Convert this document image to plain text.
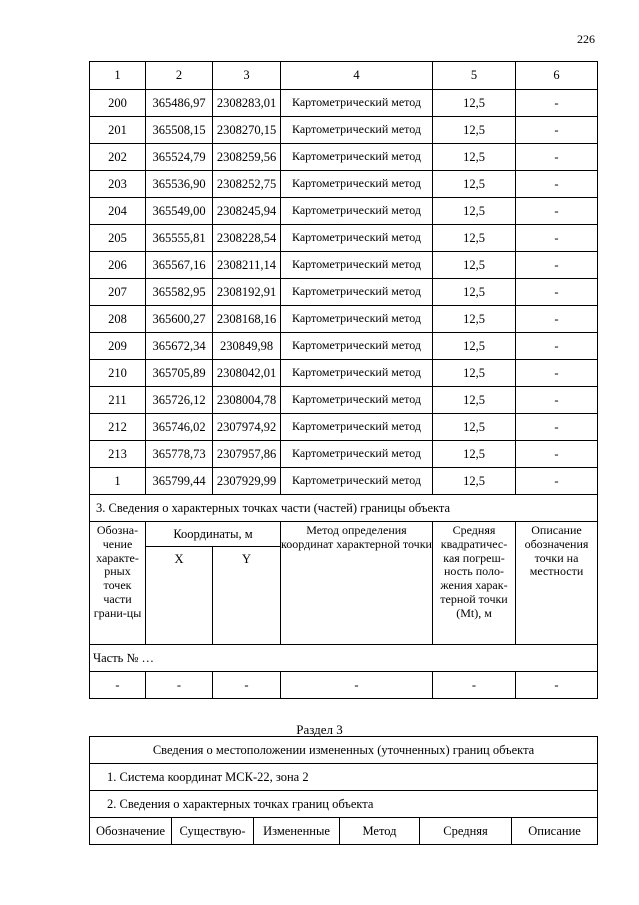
226
1	2	3	4	5	6
200	365486,97	2308283,01	Картометрический метод	12,5	-
201	365508,15	2308270,15	Картометрический метод	12,5	-
202	365524,79	2308259,56	Картометрический метод	12,5	-
203	365536,90	2308252,75	Картометрический метод	12,5	-
204	365549,00	2308245,94	Картометрический метод	12,5	-
205	365555,81	2308228,54	Картометрический метод	12,5	-
206	365567,16	2308211,14	Картометрический метод	12,5	-
207	365582,95	2308192,91	Картометрический метод	12,5	-
208	365600,27	2308168,16	Картометрический метод	12,5	-
209	365672,34	230849,98	Картометрический метод	12,5	-
210	365705,89	2308042,01	Картометрический метод	12,5	-
211	365726,12	2308004,78	Картометрический метод	12,5	-
212	365746,02	2307974,92	Картометрический метод	12,5	-
213	365778,73	2307957,86	Картометрический метод	12,5	-
1	365799,44	2307929,99	Картометрический метод	12,5	-
3. Сведения о характерных точках части (частей) границы объекта					
Обозна-чение характе-рных точек части грани-цы	Координаты, м		Метод определения координат характерной точки	Средняя квадратичес-кая погреш-ность поло-жения харак-терной точки (Mt), м	Описание обозначения точки на местности
	X	Y			
Часть № …					
-	-	-	-	-	-
Раздел 3
Сведения о местоположении измененных (уточненных) границ объекта
1. Система координат МСК-22, зона 2
2. Сведения о характерных точках границ объекта
Обозначение	Существую-	Измененные	Метод	Средняя	Описание
